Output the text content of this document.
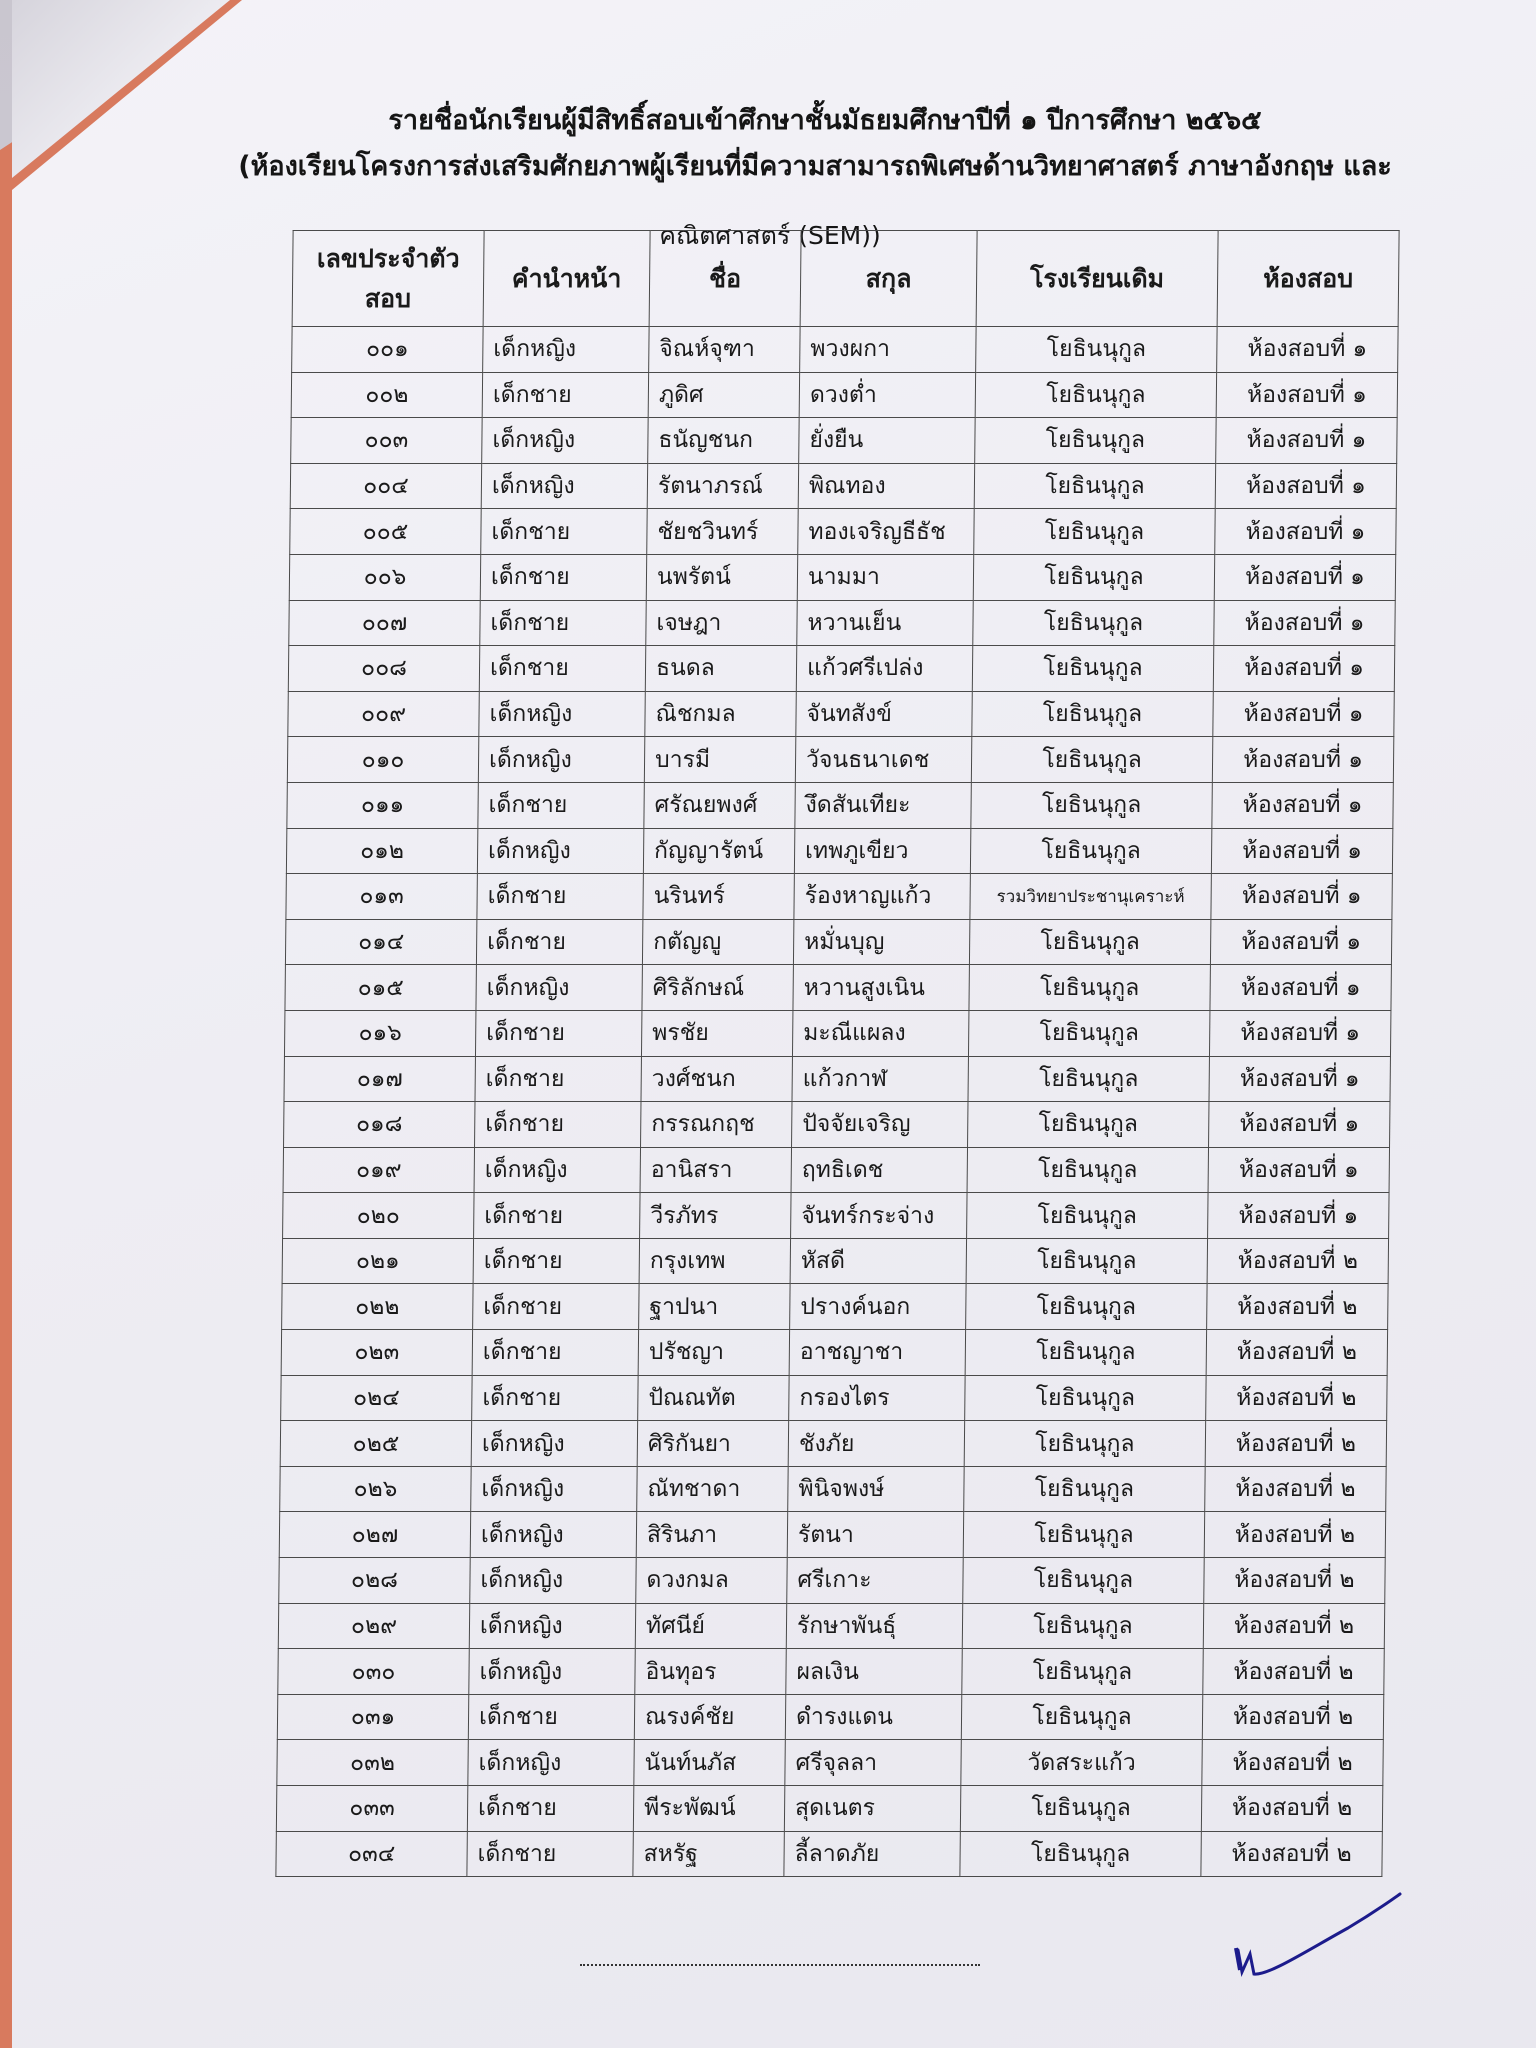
รายชื่อนักเรียนผู้มีสิทธิ์สอบเข้าศึกษาชั้นมัธยมศึกษาปีที่ ๑ ปีการศึกษา ๒๕๖๕
(ห้องเรียนโครงการส่งเสริมศักยภาพผู้เรียนที่มีความสามารถพิเศษด้านวิทยาศาสตร์ ภาษาอังกฤษ และ
คณิตศาสตร์ (SEM))
เลขประจำตัวสอบ	คำนำหน้า	ชื่อ	สกุล	โรงเรียนเดิม	ห้องสอบ
๐๐๑	เด็กหญิง	จิณห์จุฑา	พวงผกา	โยธินนุกูล	ห้องสอบที่ ๑
๐๐๒	เด็กชาย	ภูดิศ	ดวงต่ำ	โยธินนุกูล	ห้องสอบที่ ๑
๐๐๓	เด็กหญิง	ธนัญชนก	ยั่งยืน	โยธินนุกูล	ห้องสอบที่ ๑
๐๐๔	เด็กหญิง	รัตนาภรณ์	พิณทอง	โยธินนุกูล	ห้องสอบที่ ๑
๐๐๕	เด็กชาย	ชัยชวินทร์	ทองเจริญธีธัช	โยธินนุกูล	ห้องสอบที่ ๑
๐๐๖	เด็กชาย	นพรัตน์	นามมา	โยธินนุกูล	ห้องสอบที่ ๑
๐๐๗	เด็กชาย	เจษฎา	หวานเย็น	โยธินนุกูล	ห้องสอบที่ ๑
๐๐๘	เด็กชาย	ธนดล	แก้วศรีเปล่ง	โยธินนุกูล	ห้องสอบที่ ๑
๐๐๙	เด็กหญิง	ณิชกมล	จันทสังข์	โยธินนุกูล	ห้องสอบที่ ๑
๐๑๐	เด็กหญิง	บารมี	วัจนธนาเดช	โยธินนุกูล	ห้องสอบที่ ๑
๐๑๑	เด็กชาย	ศรัณยพงศ์	งึดสันเทียะ	โยธินนุกูล	ห้องสอบที่ ๑
๐๑๒	เด็กหญิง	กัญญารัตน์	เทพภูเขียว	โยธินนุกูล	ห้องสอบที่ ๑
๐๑๓	เด็กชาย	นรินทร์	ร้องหาญแก้ว	รวมวิทยาประชานุเคราะห์	ห้องสอบที่ ๑
๐๑๔	เด็กชาย	กตัญญู	หมั่นบุญ	โยธินนุกูล	ห้องสอบที่ ๑
๐๑๕	เด็กหญิง	ศิริลักษณ์	หวานสูงเนิน	โยธินนุกูล	ห้องสอบที่ ๑
๐๑๖	เด็กชาย	พรชัย	มะณีแผลง	โยธินนุกูล	ห้องสอบที่ ๑
๐๑๗	เด็กชาย	วงศ์ชนก	แก้วกาฬ	โยธินนุกูล	ห้องสอบที่ ๑
๐๑๘	เด็กชาย	กรรณกฤช	ปัจจัยเจริญ	โยธินนุกูล	ห้องสอบที่ ๑
๐๑๙	เด็กหญิง	อานิสรา	ฤทธิเดช	โยธินนุกูล	ห้องสอบที่ ๑
๐๒๐	เด็กชาย	วีรภัทร	จันทร์กระจ่าง	โยธินนุกูล	ห้องสอบที่ ๑
๐๒๑	เด็กชาย	กรุงเทพ	หัสดี	โยธินนุกูล	ห้องสอบที่ ๒
๐๒๒	เด็กชาย	ฐาปนา	ปรางค์นอก	โยธินนุกูล	ห้องสอบที่ ๒
๐๒๓	เด็กชาย	ปรัชญา	อาชญาชา	โยธินนุกูล	ห้องสอบที่ ๒
๐๒๔	เด็กชาย	ปัณณทัต	กรองไตร	โยธินนุกูล	ห้องสอบที่ ๒
๐๒๕	เด็กหญิง	ศิริกันยา	ชังภัย	โยธินนุกูล	ห้องสอบที่ ๒
๐๒๖	เด็กหญิง	ณัทชาดา	พินิจพงษ์	โยธินนุกูล	ห้องสอบที่ ๒
๐๒๗	เด็กหญิง	สิรินภา	รัตนา	โยธินนุกูล	ห้องสอบที่ ๒
๐๒๘	เด็กหญิง	ดวงกมล	ศรีเกาะ	โยธินนุกูล	ห้องสอบที่ ๒
๐๒๙	เด็กหญิง	ทัศนีย์	รักษาพันธุ์	โยธินนุกูล	ห้องสอบที่ ๒
๐๓๐	เด็กหญิง	อินทุอร	ผลเงิน	โยธินนุกูล	ห้องสอบที่ ๒
๐๓๑	เด็กชาย	ณรงค์ชัย	ดำรงแดน	โยธินนุกูล	ห้องสอบที่ ๒
๐๓๒	เด็กหญิง	นันท์นภัส	ศรีจุลลา	วัดสระแก้ว	ห้องสอบที่ ๒
๐๓๓	เด็กชาย	พีระพัฒน์	สุดเนตร	โยธินนุกูล	ห้องสอบที่ ๒
๐๓๔	เด็กชาย	สหรัฐ	ลี้ลาดภัย	โยธินนุกูล	ห้องสอบที่ ๒
